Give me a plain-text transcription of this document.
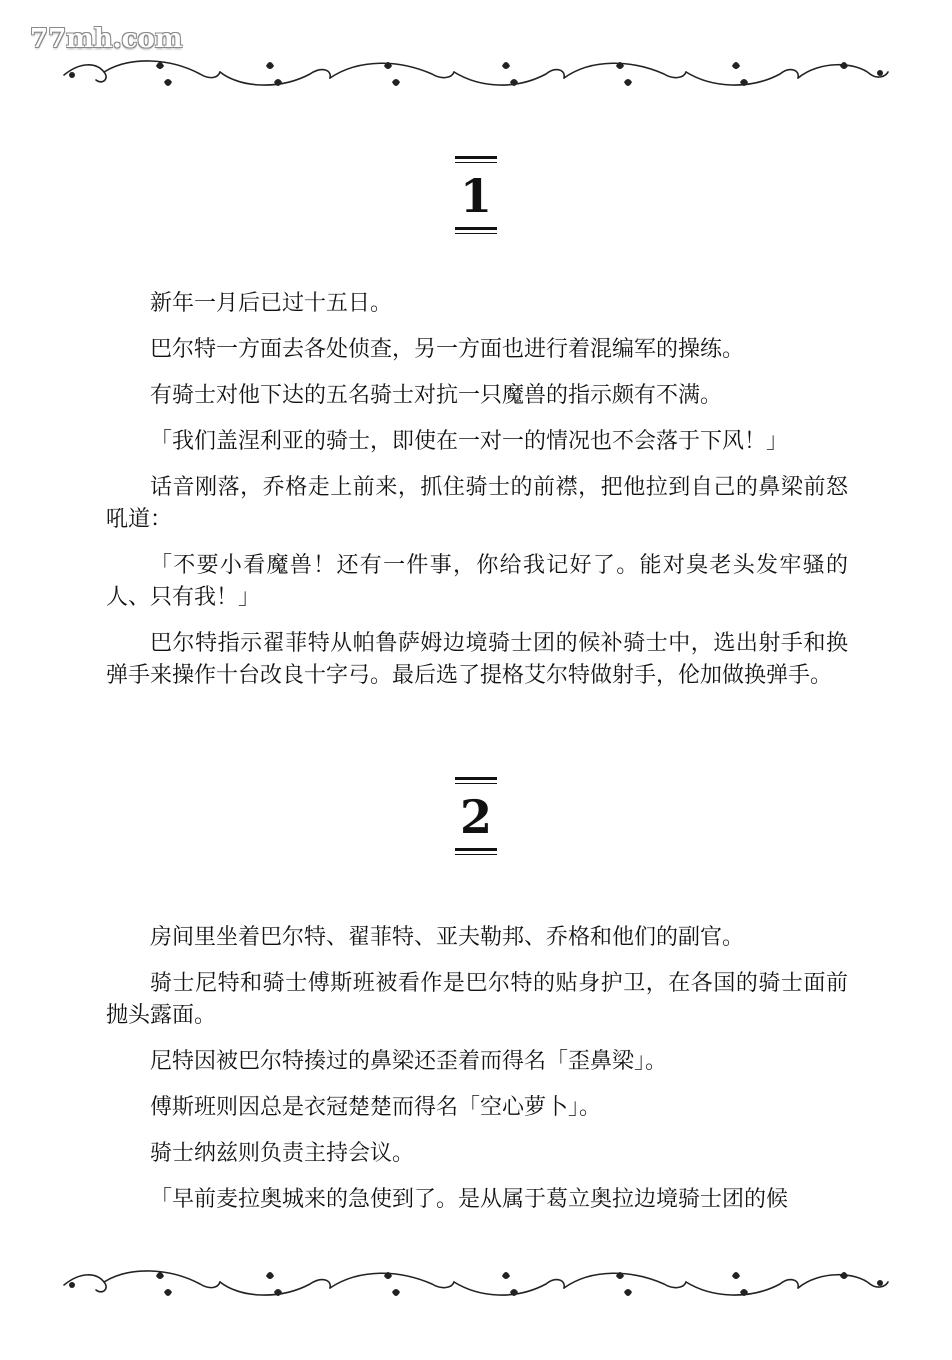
77mh.com
1

新年一月后已过十五日。

巴尔特一方面去各处侦查，另一方面也进行着混编军的操练。

有骑士对他下达的五名骑士对抗一只魔兽的指示颇有不满。

「我们盖涅利亚的骑士，即使在一对一的情况也不会落于下风！」

话音刚落，乔格走上前来，抓住骑士的前襟，把他拉到自己的鼻梁前怒吼道：

「不要小看魔兽！还有一件事，你给我记好了。能对臭老头发牢骚的人、只有我！」

巴尔特指示翟菲特从帕鲁萨姆边境骑士团的候补骑士中，选出射手和换弹手来操作十台改良十字弓。最后选了提格艾尔特做射手，伦加做换弹手。

2

房间里坐着巴尔特、翟菲特、亚夫勒邦、乔格和他们的副官。

骑士尼特和骑士傅斯班被看作是巴尔特的贴身护卫，在各国的骑士面前抛头露面。

尼特因被巴尔特揍过的鼻梁还歪着而得名「歪鼻梁」。

傅斯班则因总是衣冠楚楚而得名「空心萝卜」。

骑士纳兹则负责主持会议。

「早前麦拉奥城来的急使到了。是从属于葛立奥拉边境骑士团的候
